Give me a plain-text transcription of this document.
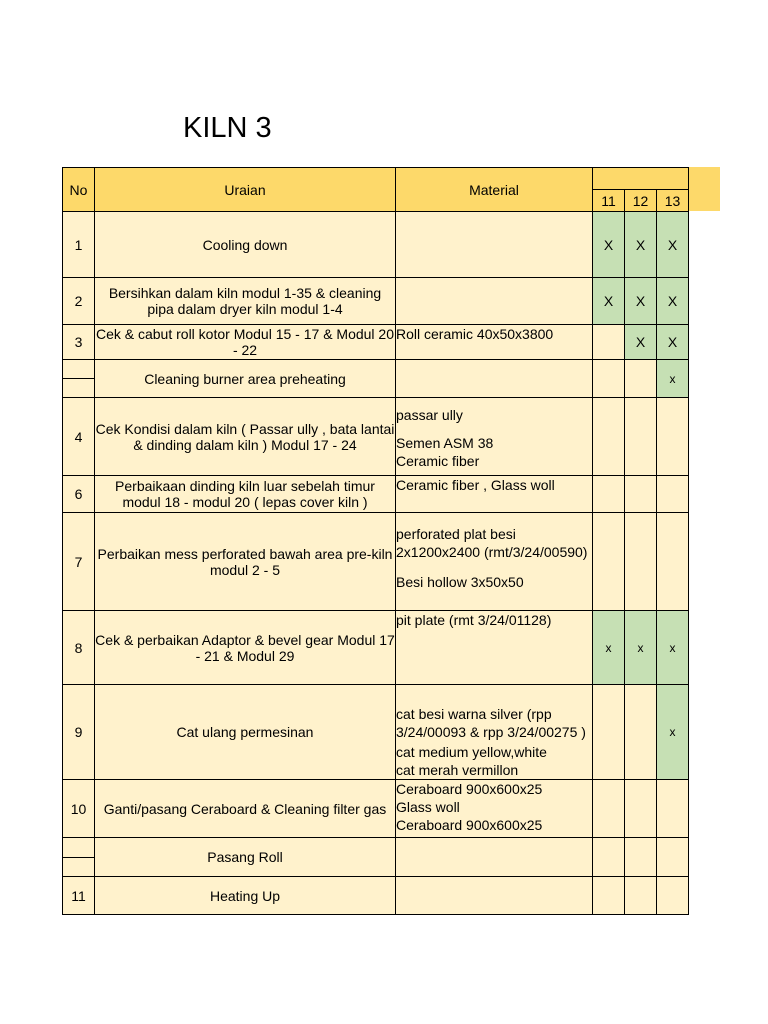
KILN 3
No	Uraian	Material			
			11	12	13
1	Cooling down		X	X	X
2	Bersihkan dalam kiln modul 1-35 & cleaning pipa dalam dryer kiln modul 1-4		X	X	X
3	Cek & cabut roll kotor Modul 15 - 17 & Modul 20 - 22	Roll ceramic 40x50x3800		X	X

	Cleaning burner area preheating				x
4	Cek Kondisi dalam kiln ( Passar ully , bata lantai & dinding dalam kiln ) Modul 17 - 24	passar ully
Semen ASM 38
Ceramic fiber			

6	Perbaikaan dinding kiln luar sebelah timur modul 18 - modul 20 ( lepas cover kiln )	Ceramic fiber , Glass woll			

7	Perbaikan mess perforated bawah area pre-kiln modul 2 - 5	perforated plat besi 2x1200x2400 (rmt/3/24/00590)
Besi hollow 3x50x50			

8	Cek & perbaikan Adaptor & bevel gear Modul 17 - 21 & Modul 29	pit plate (rmt 3/24/01128)	x	x	x
9	Cat ulang permesinan	cat besi warna silver (rpp 3/24/00093 & rpp 3/24/00275 )
cat medium yellow,white
cat merah vermillon			x
10	Ganti/pasang Ceraboard & Cleaning filter gas	Ceraboard 900x600x25
Glass woll
Ceraboard 900x600x25			

	Pasang Roll				
11	Heating Up				
